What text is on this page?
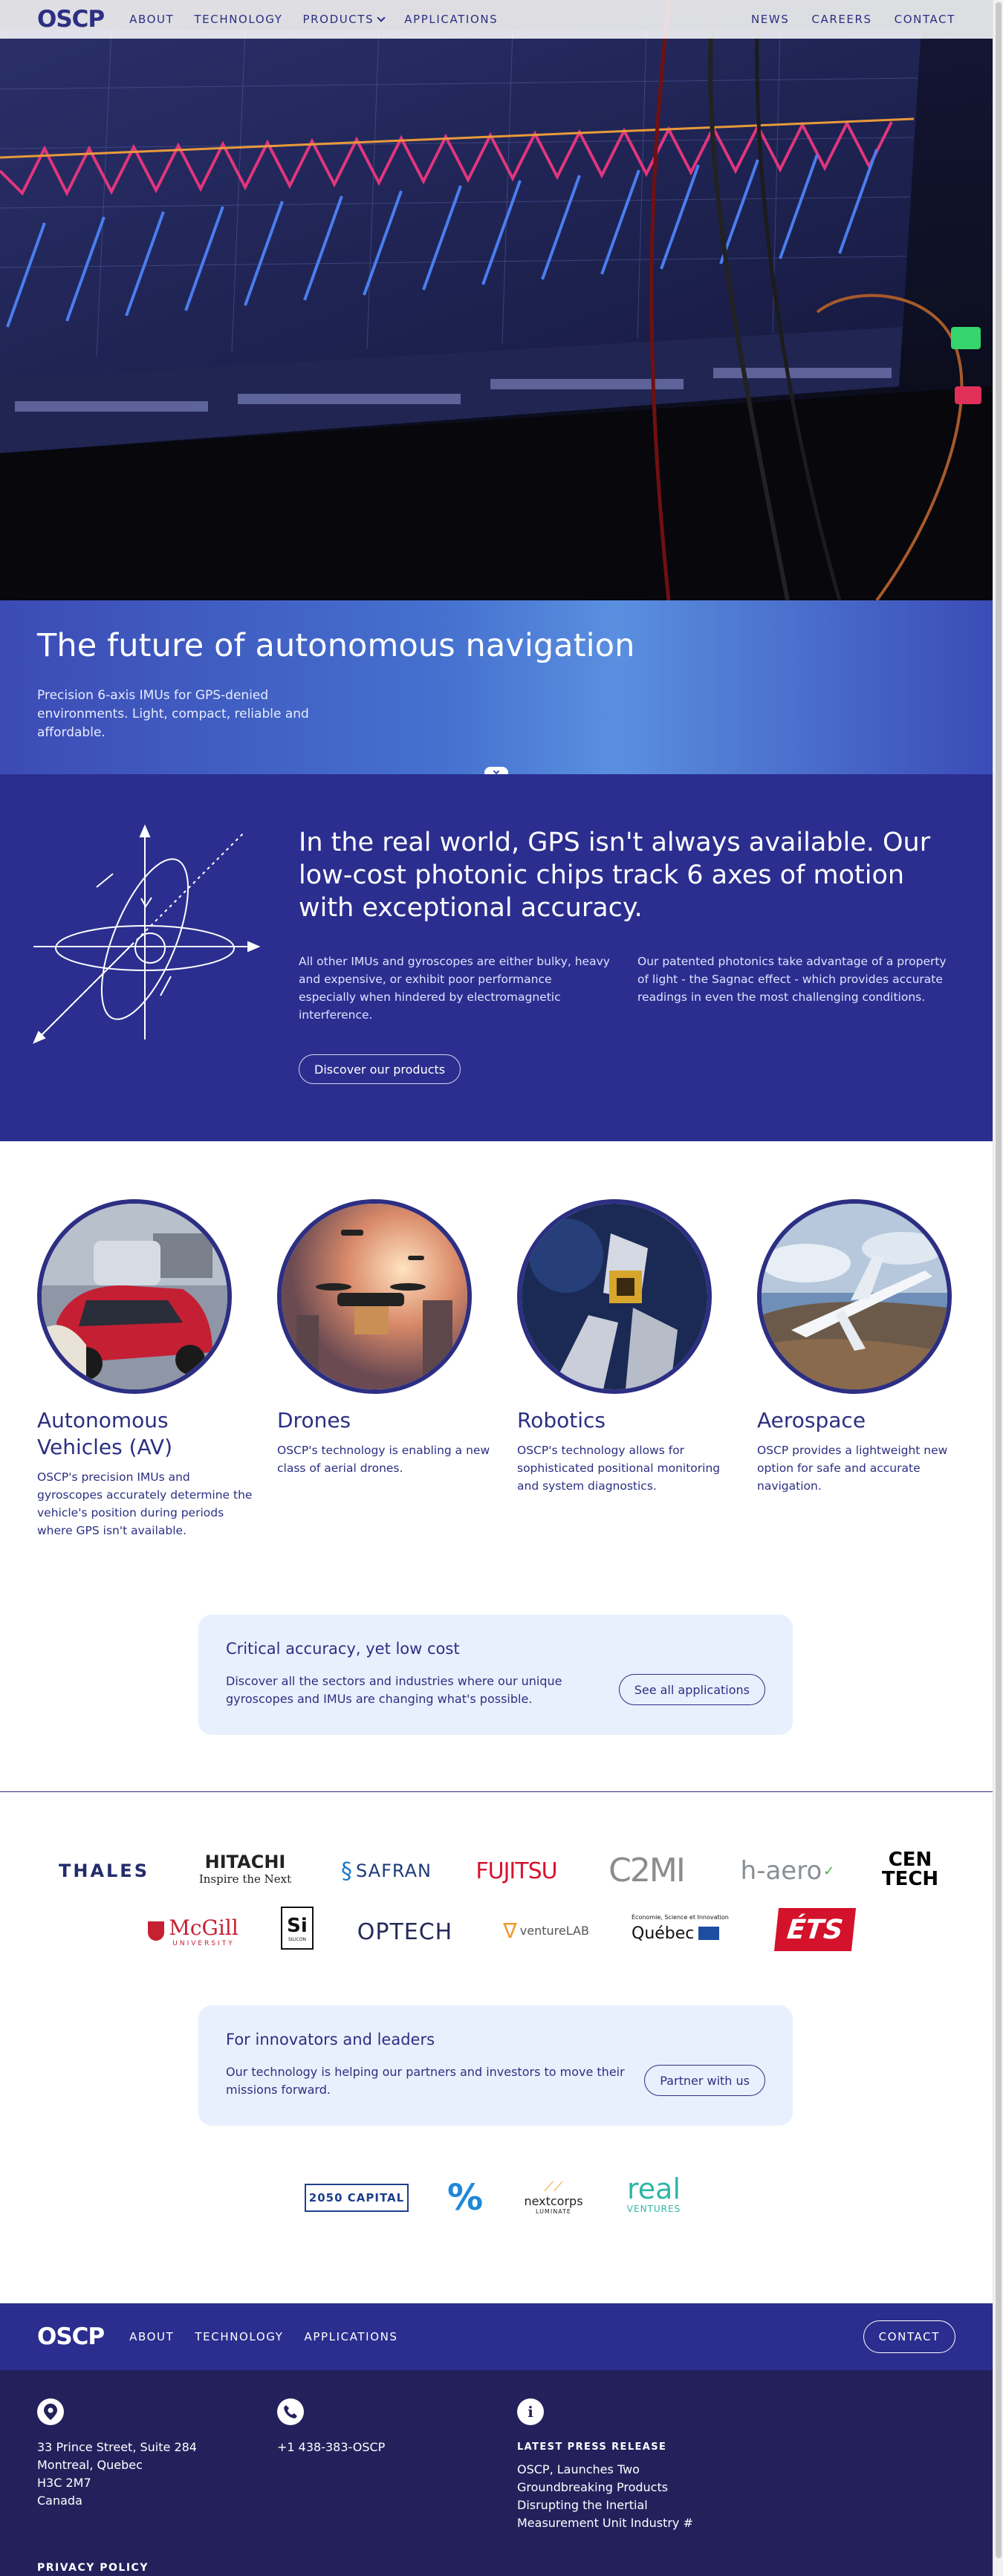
OSCP ABOUT TECHNOLOGY PRODUCTS	APPLICATIONS	NEWS CAREERS CONTACT
The future of autonomous navigation

Precision 6-axis IMUs for GPS-denied environments. Light, compact, reliable and affordable.

In the real world, GPS isn't always available. Our low-cost photonic chips track 6 axes of motion with exceptional accuracy.

All other IMUs and gyroscopes are either bulky, heavy and expensive, or exhibit poor performance especially when hindered by electromagnetic interference.

Our patented photonics take advantage of a property of light - the Sagnac effect - which provides accurate readings in even the most challenging conditions.

Discover our products
Autonomous Vehicles (AV)

OSCP's precision IMUs and gyroscopes accurately determine the vehicle's position during periods where GPS isn't available.

Drones

OSCP's technology is enabling a new class of aerial drones.

Robotics

OSCP's technology allows for sophisticated positional monitoring and system diagnostics.

Aerospace

OSCP provides a lightweight new option for safe and accurate navigation.

Critical accuracy, yet low cost

Discover all the sectors and industries where our unique gyroscopes and IMUs are changing what's possible.

See all applications
THALES	HITACHI
Inspire the Next § SAFRAN	FUJITSU	C2MI	h-aero ✓	CEN
TECH
McGill
UNIVERSITY
Si
SILICON	OPTECH	∇ ventureLAB
Économie, Science et Innovation
Québec	ÉTS
For innovators and leaders

Our technology is helping our partners and investors to move their missions forward.

Partner with us
2050 CAPITAL %	⟋⟋
nextcorps
LUMINATE
real
VENTURES
OSCP ABOUT TECHNOLOGY APPLICATIONS	CONTACT
33 Prince Street, Suite 284
Montreal, Quebec
H3C 2M7
Canada
+1 438-383-OSCP
i
LATEST PRESS RELEASE
OSCP, Launches Two Groundbreaking Products Disrupting the Inertial Measurement Unit Industry #
PRIVACY POLICY
